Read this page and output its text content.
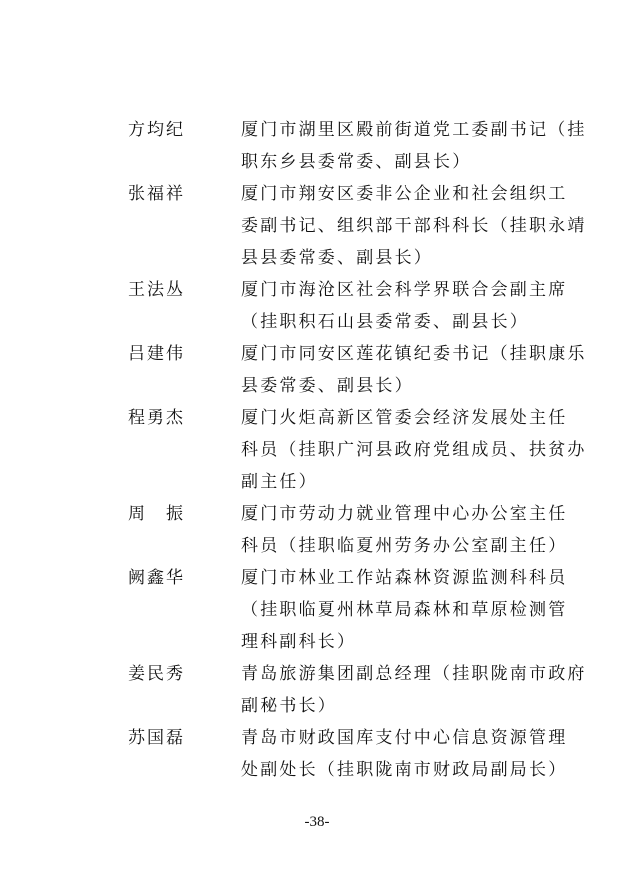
方均纪	厦门市湖里区殿前街道党工委副书记（挂
职东乡县委常委、副县长）
张福祥	厦门市翔安区委非公企业和社会组织工
委副书记、组织部干部科科长（挂职永靖
县县委常委、副县长）
王法丛	厦门市海沧区社会科学界联合会副主席
（挂职积石山县委常委、副县长）
吕建伟	厦门市同安区莲花镇纪委书记（挂职康乐
县委常委、副县长）
程勇杰	厦门火炬高新区管委会经济发展处主任
科员（挂职广河县政府党组成员、扶贫办
副主任）
周　振	厦门市劳动力就业管理中心办公室主任
科员（挂职临夏州劳务办公室副主任）
阙鑫华	厦门市林业工作站森林资源监测科科员
（挂职临夏州林草局森林和草原检测管
理科副科长）
姜民秀	青岛旅游集团副总经理（挂职陇南市政府
副秘书长）
苏国磊	青岛市财政国库支付中心信息资源管理
处副处长（挂职陇南市财政局副局长）
-38-
